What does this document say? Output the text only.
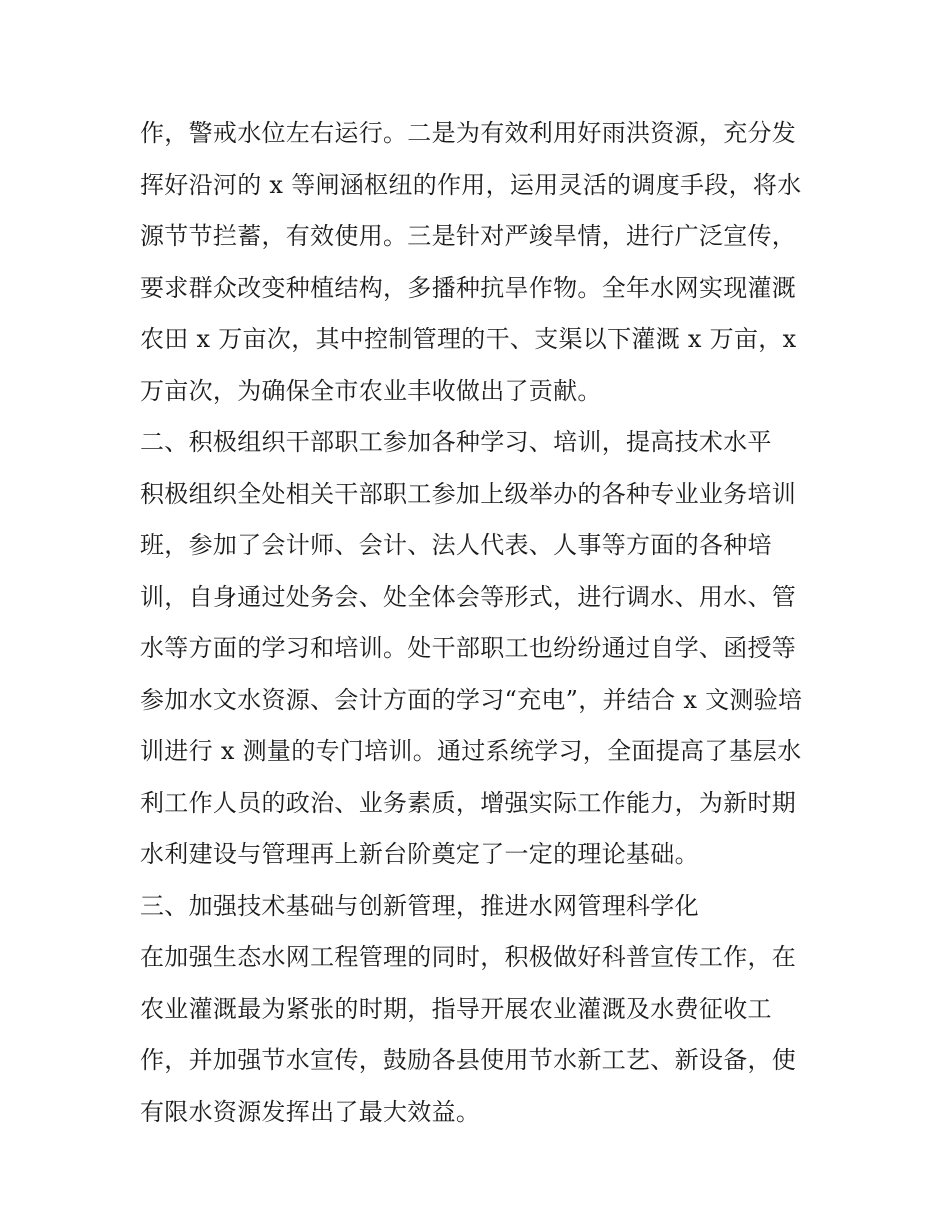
作，警戒水位左右运行。二是为有效利用好雨洪资源，充分发
挥好沿河的 x 等闸涵枢纽的作用，运用灵活的调度手段，将水
源节节拦蓄，有效使用。三是针对严竣旱情，进行广泛宣传，
要求群众改变种植结构，多播种抗旱作物。全年水网实现灌溉
农田 x 万亩次，其中控制管理的干、支渠以下灌溉 x 万亩，x
万亩次，为确保全市农业丰收做出了贡献。
二、积极组织干部职工参加各种学习、培训，提高技术水平
积极组织全处相关干部职工参加上级举办的各种专业业务培训
班，参加了会计师、会计、法人代表、人事等方面的各种培
训，自身通过处务会、处全体会等形式，进行调水、用水、管
水等方面的学习和培训。处干部职工也纷纷通过自学、函授等
参加水文水资源、会计方面的学习“充电”，并结合 x 文测验培
训进行 x 测量的专门培训。通过系统学习，全面提高了基层水
利工作人员的政治、业务素质，增强实际工作能力，为新时期
水利建设与管理再上新台阶奠定了一定的理论基础。
三、加强技术基础与创新管理，推进水网管理科学化
在加强生态水网工程管理的同时，积极做好科普宣传工作，在
农业灌溉最为紧张的时期，指导开展农业灌溉及水费征收工
作，并加强节水宣传，鼓励各县使用节水新工艺、新设备，使
有限水资源发挥出了最大效益。
